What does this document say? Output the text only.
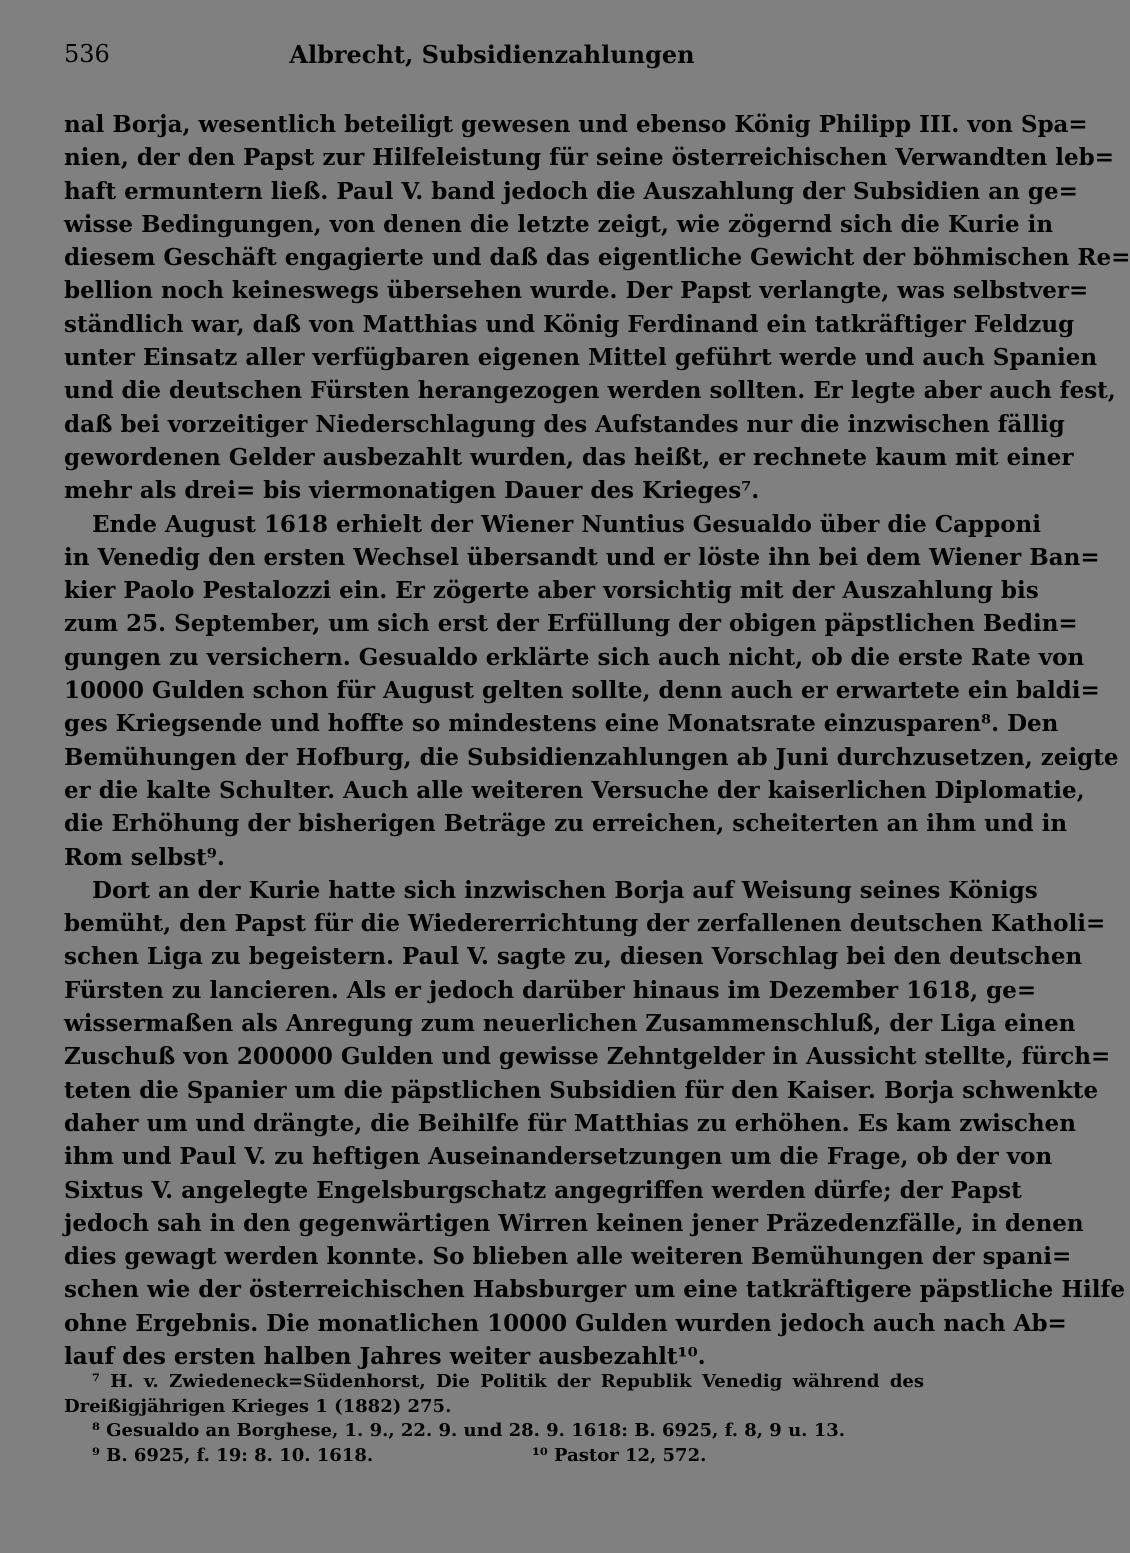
536	Albrecht, Subsidienzahlungen
nal Borja, wesentlich beteiligt gewesen und ebenso König Philipp III. von Spa=
nien, der den Papst zur Hilfeleistung für seine österreichischen Verwandten leb=
haft ermuntern ließ. Paul V. band jedoch die Auszahlung der Subsidien an ge=
wisse Bedingungen, von denen die letzte zeigt, wie zögernd sich die Kurie in
diesem Geschäft engagierte und daß das eigentliche Gewicht der böhmischen Re=
bellion noch keineswegs übersehen wurde. Der Papst verlangte, was selbstver=
ständlich war, daß von Matthias und König Ferdinand ein tatkräftiger Feldzug
unter Einsatz aller verfügbaren eigenen Mittel geführt werde und auch Spanien
und die deutschen Fürsten herangezogen werden sollten. Er legte aber auch fest,
daß bei vorzeitiger Niederschlagung des Aufstandes nur die inzwischen fällig
gewordenen Gelder ausbezahlt wurden, das heißt, er rechnete kaum mit einer
mehr als drei= bis viermonatigen Dauer des Krieges⁷.
Ende August 1618 erhielt der Wiener Nuntius Gesualdo über die Capponi
in Venedig den ersten Wechsel übersandt und er löste ihn bei dem Wiener Ban=
kier Paolo Pestalozzi ein. Er zögerte aber vorsichtig mit der Auszahlung bis
zum 25. September, um sich erst der Erfüllung der obigen päpstlichen Bedin=
gungen zu versichern. Gesualdo erklärte sich auch nicht, ob die erste Rate von
10000 Gulden schon für August gelten sollte, denn auch er erwartete ein baldi=
ges Kriegsende und hoffte so mindestens eine Monatsrate einzusparen⁸. Den
Bemühungen der Hofburg, die Subsidienzahlungen ab Juni durchzusetzen, zeigte
er die kalte Schulter. Auch alle weiteren Versuche der kaiserlichen Diplomatie,
die Erhöhung der bisherigen Beträge zu erreichen, scheiterten an ihm und in
Rom selbst⁹.
Dort an der Kurie hatte sich inzwischen Borja auf Weisung seines Königs
bemüht, den Papst für die Wiedererrichtung der zerfallenen deutschen Katholi=
schen Liga zu begeistern. Paul V. sagte zu, diesen Vorschlag bei den deutschen
Fürsten zu lancieren. Als er jedoch darüber hinaus im Dezember 1618, ge=
wissermaßen als Anregung zum neuerlichen Zusammenschluß, der Liga einen
Zuschuß von 200000 Gulden und gewisse Zehntgelder in Aussicht stellte, fürch=
teten die Spanier um die päpstlichen Subsidien für den Kaiser. Borja schwenkte
daher um und drängte, die Beihilfe für Matthias zu erhöhen. Es kam zwischen
ihm und Paul V. zu heftigen Auseinandersetzungen um die Frage, ob der von
Sixtus V. angelegte Engelsburgschatz angegriffen werden dürfe; der Papst
jedoch sah in den gegenwärtigen Wirren keinen jener Präzedenzfälle, in denen
dies gewagt werden konnte. So blieben alle weiteren Bemühungen der spani=
schen wie der österreichischen Habsburger um eine tatkräftigere päpstliche Hilfe
ohne Ergebnis. Die monatlichen 10000 Gulden wurden jedoch auch nach Ab=
lauf des ersten halben Jahres weiter ausbezahlt¹⁰.
⁷ H. v. Zwiedeneck=Südenhorst, Die Politik der Republik Venedig während des
Dreißigjährigen Krieges 1 (1882) 275.
⁸ Gesualdo an Borghese, 1. 9., 22. 9. und 28. 9. 1618: B. 6925, f. 8, 9 u. 13.
⁹ B. 6925, f. 19: 8. 10. 1618.	¹⁰ Pastor 12, 572.
